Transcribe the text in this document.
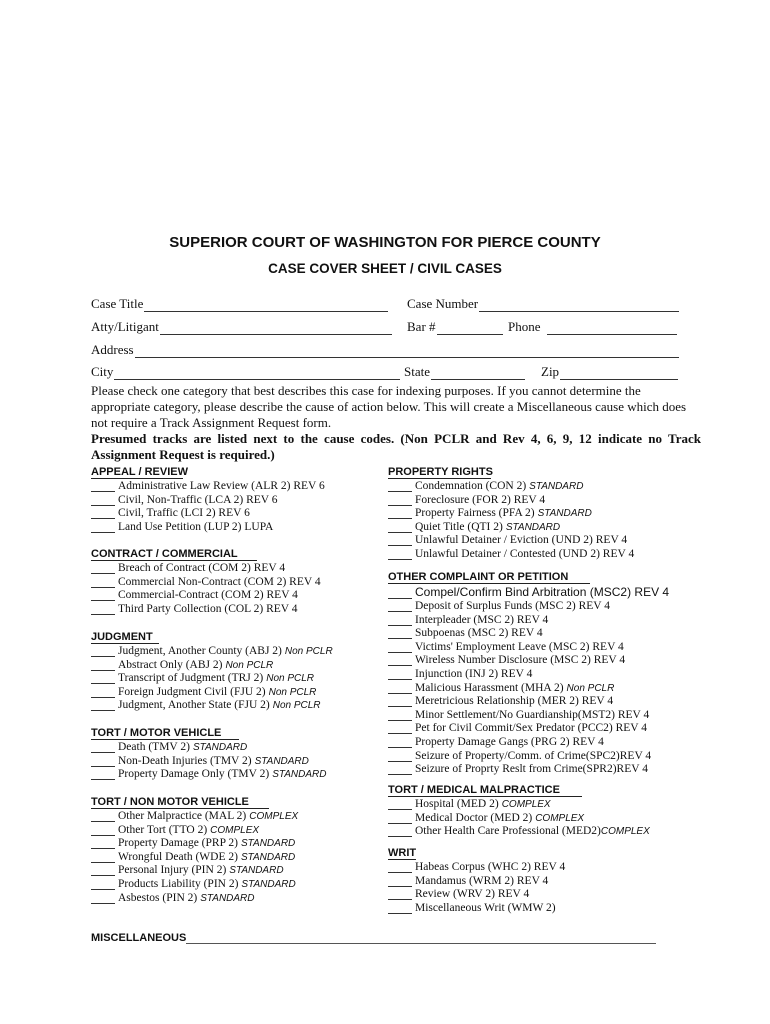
SUPERIOR COURT OF WASHINGTON FOR PIERCE COUNTY
CASE COVER SHEET / CIVIL CASES
Case Title	Case Number
Atty/Litigant	Bar #	Phone
Address
City	State	Zip
Please check one category that best describes this case for indexing purposes. If you cannot determine the appropriate category, please describe the cause of action below. This will create a Miscellaneous cause which does not require a Track Assignment Request form.
Presumed tracks are listed next to the cause codes. (Non PCLR and Rev 4, 6, 9, 12 indicate no Track Assignment Request is required.)
APPEAL / REVIEW
Administrative Law Review (ALR 2) REV 6
Civil, Non-Traffic (LCA 2) REV 6
Civil, Traffic (LCI 2) REV 6
Land Use Petition (LUP 2) LUPA
CONTRACT / COMMERCIAL
Breach of Contract (COM 2) REV 4
Commercial Non-Contract (COM 2) REV 4
Commercial-Contract (COM 2) REV 4
Third Party Collection (COL 2) REV 4
JUDGMENT
Judgment, Another County (ABJ 2) Non PCLR
Abstract Only (ABJ 2) Non PCLR
Transcript of Judgment (TRJ 2) Non PCLR
Foreign Judgment Civil (FJU 2) Non PCLR
Judgment, Another State (FJU 2) Non PCLR
TORT / MOTOR VEHICLE
Death (TMV 2) STANDARD
Non-Death Injuries (TMV 2) STANDARD
Property Damage Only (TMV 2) STANDARD
TORT / NON MOTOR VEHICLE
Other Malpractice (MAL 2) COMPLEX
Other Tort (TTO 2) COMPLEX
Property Damage (PRP 2) STANDARD
Wrongful Death (WDE 2) STANDARD
Personal Injury (PIN 2) STANDARD
Products Liability (PIN 2) STANDARD
Asbestos (PIN 2) STANDARD
PROPERTY RIGHTS
Condemnation (CON 2) STANDARD
Foreclosure (FOR 2) REV 4
Property Fairness (PFA 2) STANDARD
Quiet Title (QTI 2) STANDARD
Unlawful Detainer / Eviction (UND 2) REV 4
Unlawful Detainer / Contested (UND 2) REV 4
OTHER COMPLAINT OR PETITION
Compel/Confirm Bind Arbitration (MSC2) REV 4
Deposit of Surplus Funds (MSC 2) REV 4
Interpleader (MSC 2) REV 4
Subpoenas (MSC 2) REV 4
Victims' Employment Leave (MSC 2) REV 4
Wireless Number Disclosure (MSC 2) REV 4
Injunction (INJ 2) REV 4
Malicious Harassment (MHA 2) Non PCLR
Meretricious Relationship (MER 2) REV 4
Minor Settlement/No Guardianship(MST2) REV 4
Pet for Civil Commit/Sex Predator (PCC2) REV 4
Property Damage Gangs (PRG 2) REV 4
Seizure of Property/Comm. of Crime(SPC2)REV 4
Seizure of Proprty Reslt from Crime(SPR2)REV 4
TORT / MEDICAL MALPRACTICE
Hospital (MED 2) COMPLEX
Medical Doctor (MED 2) COMPLEX
Other Health Care Professional (MED2) COMPLEX
WRIT
Habeas Corpus (WHC 2) REV 4
Mandamus (WRM 2) REV 4
Review (WRV 2) REV 4
Miscellaneous Writ (WMW 2)
MISCELLANEOUS
